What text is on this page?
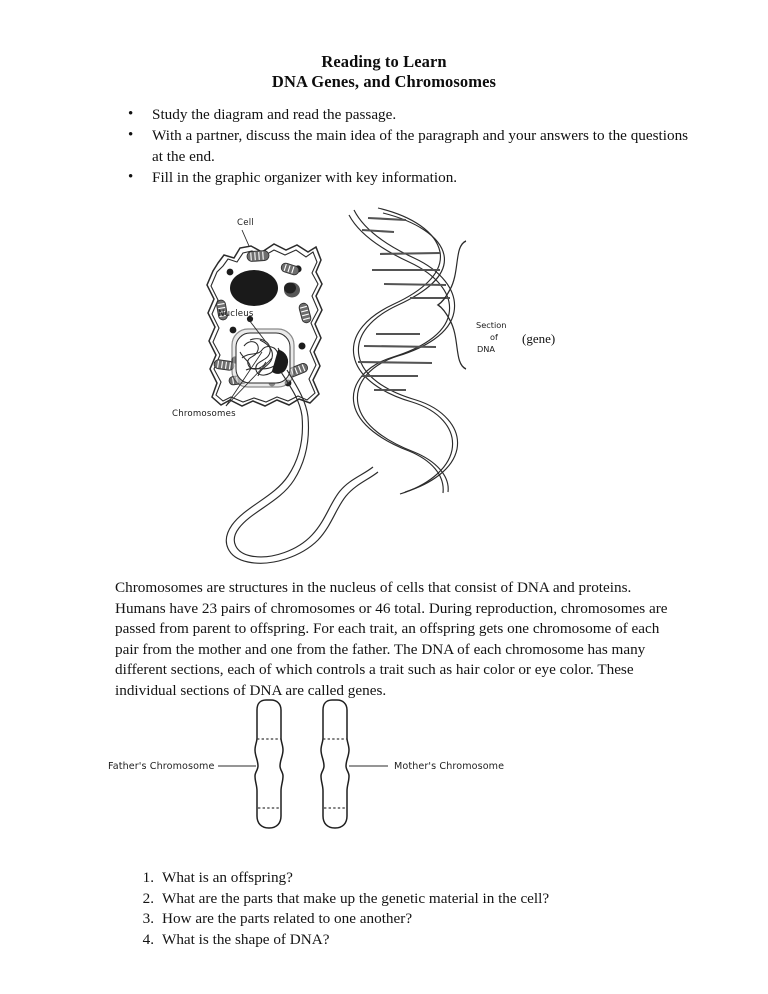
Reading to Learn
DNA Genes, and Chromosomes
• Study the diagram and read the passage.
• With a partner, discuss the main idea of the paragraph and your answers to the questions at the end.
• Fill in the graphic organizer with key information.
Cell
Nucleus
Chromosomes
Section
of
DNA
(gene)
Chromosomes are structures in the nucleus of cells that consist of DNA and proteins. Humans have 23 pairs of chromosomes or 46 total. During reproduction, chromosomes are passed from parent to offspring. For each trait, an offspring gets one chromosome of each pair from the mother and one from the father. The DNA of each chromosome has many different sections, each of which controls a trait such as hair color or eye color. These individual sections of DNA are called genes.
Father's Chromosome	Mother's Chromosome
1. What is an offspring?
2. What are the parts that make up the genetic material in the cell?
3. How are the parts related to one another?
4. What is the shape of DNA?
